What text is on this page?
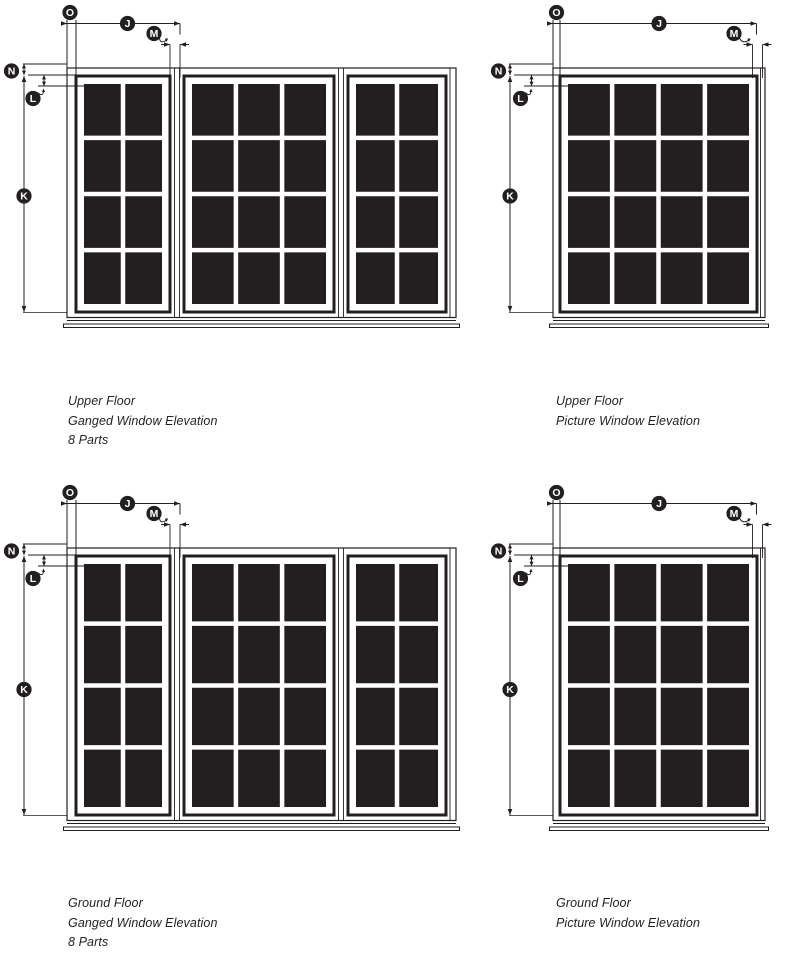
O
J
M
N
L
K
O
J
M
N
L
K
O
J
M
N
L
K
O
J
M
N
L
K
Upper Floor
Ganged Window Elevation
8 Parts
Upper Floor
Picture Window Elevation
Ground Floor
Ganged Window Elevation
8 Parts
Ground Floor
Picture Window Elevation
